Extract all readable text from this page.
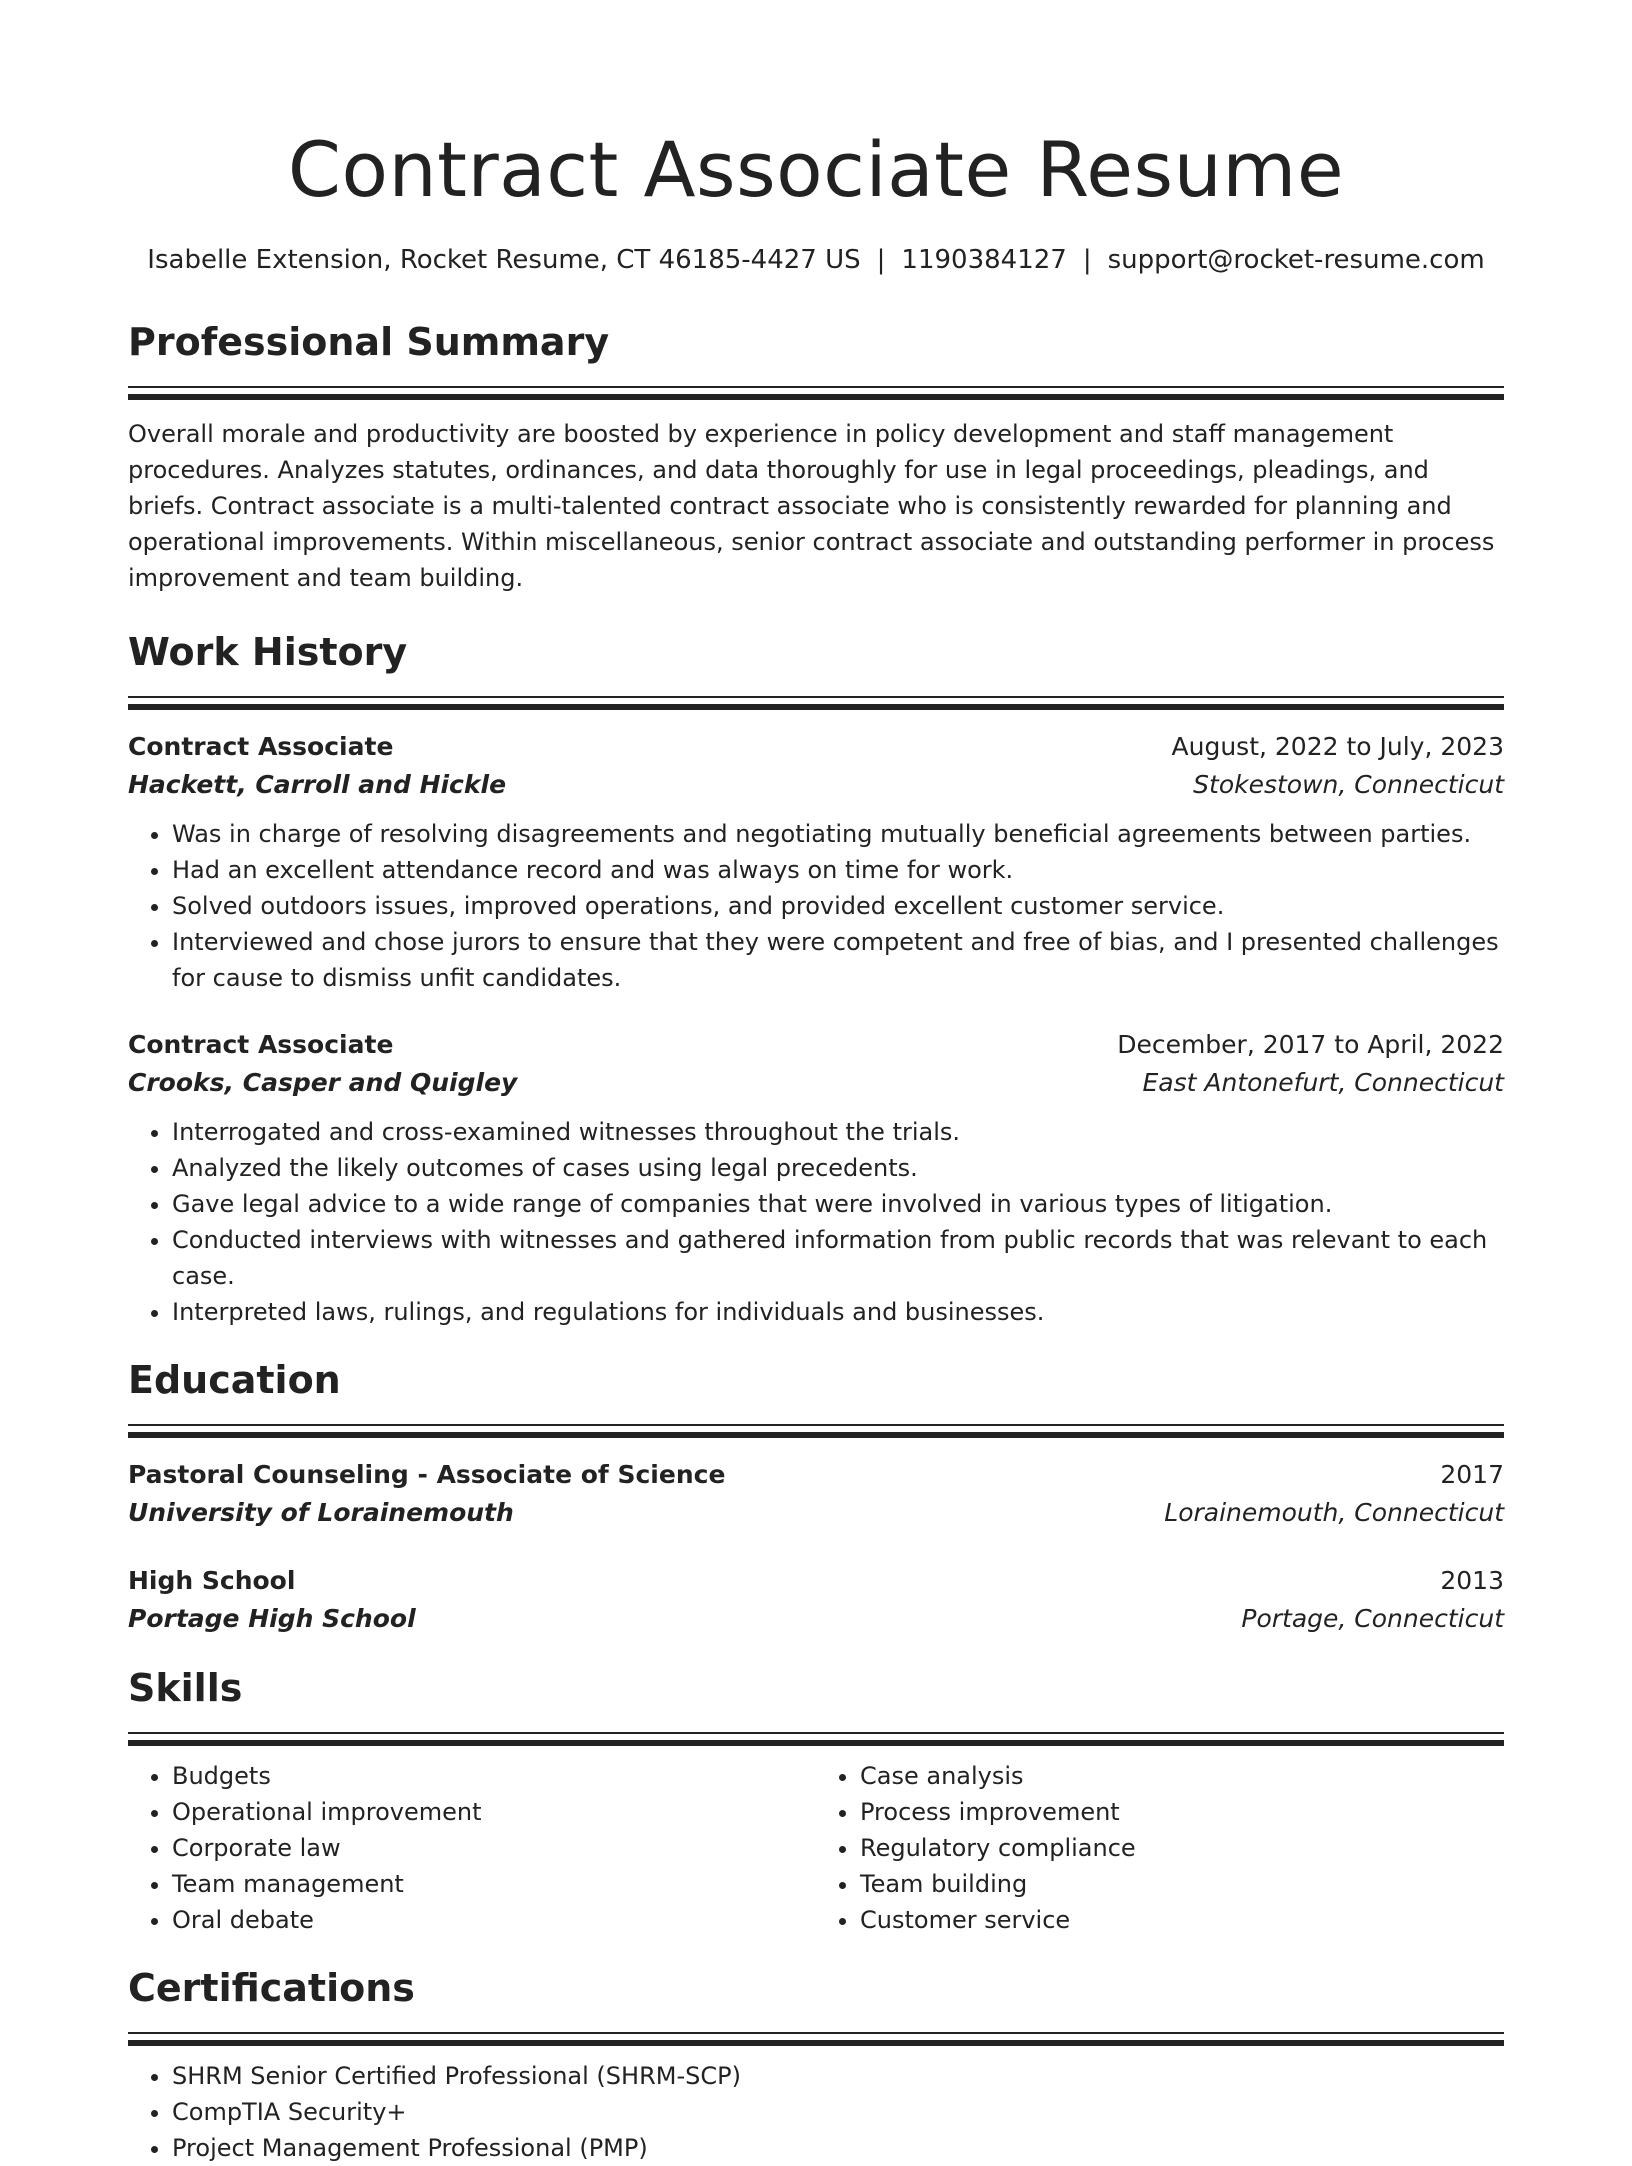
Contract Associate Resume
Isabelle Extension, Rocket Resume, CT 46185-4427 US | 1190384127 | support@rocket-resume.com
Professional Summary
Overall morale and productivity are boosted by experience in policy development and staff management procedures. Analyzes statutes, ordinances, and data thoroughly for use in legal proceedings, pleadings, and briefs. Contract associate is a multi-talented contract associate who is consistently rewarded for planning and operational improvements. Within miscellaneous, senior contract associate and outstanding performer in process improvement and team building.
Work History
Contract Associate	August, 2022 to July, 2023
Hackett, Carroll and Hickle	Stokestown, Connecticut
• Was in charge of resolving disagreements and negotiating mutually beneficial agreements between parties.
• Had an excellent attendance record and was always on time for work.
• Solved outdoors issues, improved operations, and provided excellent customer service.
• Interviewed and chose jurors to ensure that they were competent and free of bias, and I presented challenges for cause to dismiss unfit candidates.
Contract Associate	December, 2017 to April, 2022
Crooks, Casper and Quigley	East Antonefurt, Connecticut
• Interrogated and cross-examined witnesses throughout the trials.
• Analyzed the likely outcomes of cases using legal precedents.
• Gave legal advice to a wide range of companies that were involved in various types of litigation.
• Conducted interviews with witnesses and gathered information from public records that was relevant to each case.
• Interpreted laws, rulings, and regulations for individuals and businesses.
Education
Pastoral Counseling - Associate of Science	2017
University of Lorainemouth	Lorainemouth, Connecticut
High School	2013
Portage High School	Portage, Connecticut
Skills
• Budgets
• Operational improvement
• Corporate law
• Team management
• Oral debate
• Case analysis
• Process improvement
• Regulatory compliance
• Team building
• Customer service
Certifications
• SHRM Senior Certified Professional (SHRM-SCP)
• CompTIA Security+
• Project Management Professional (PMP)
